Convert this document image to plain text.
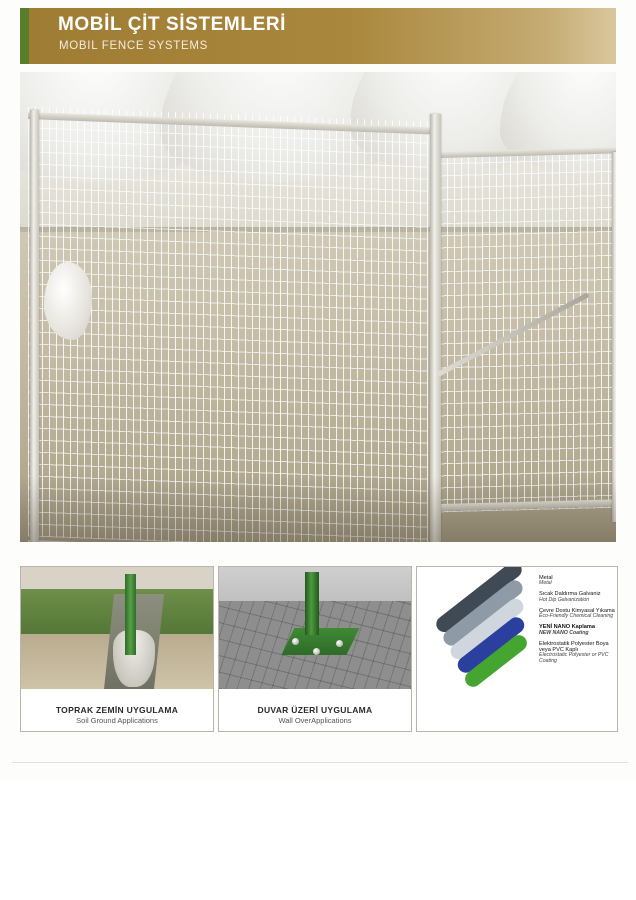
MOBİL ÇİT SİSTEMLERİ
MOBIL FENCE SYSTEMS
TOPRAK ZEMİN UYGULAMA
Soil Ground Applications
DUVAR ÜZERİ UYGULAMA
Wall OverApplications
Metal
Metal
Sıcak Daldırma Galvaniz
Hot Dip Galvanization
Çevre Dostu Kimyasal Yıkama
Eco-Friendly Chemical Cleaning
YENİ NANO Kaplama
NEW NANO Coating
Elektrostatik Polyester Boya veya PVC Kaplı
Electrostatic Polyester or PVC Coating
